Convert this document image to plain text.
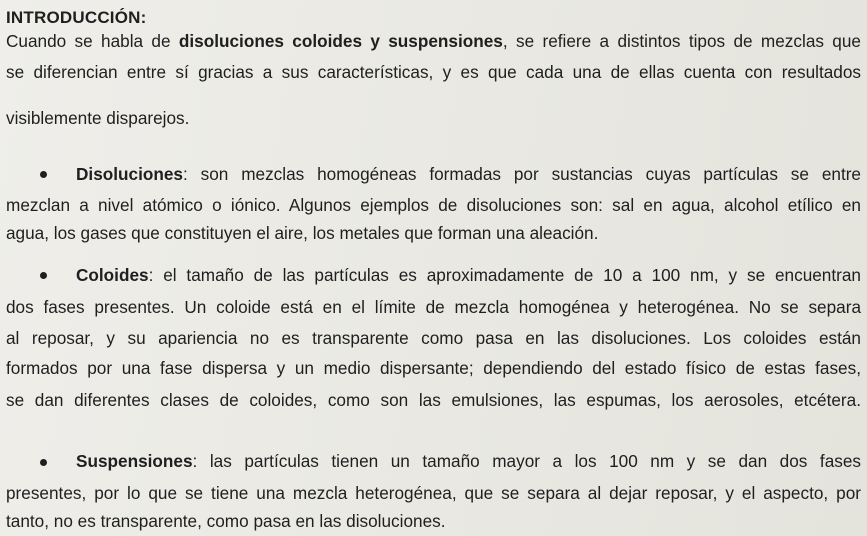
INTRODUCCIÓN:
Cuando se habla de disoluciones coloides y suspensiones, se refiere a distintos tipos de mezclas que
se diferencian entre sí gracias a sus características, y es que cada una de ellas cuenta con resultados
visiblemente disparejos.
Disoluciones: son mezclas homogéneas formadas por sustancias cuyas partículas se entre
mezclan a nivel atómico o iónico. Algunos ejemplos de disoluciones son: sal en agua, alcohol etílico en
agua, los gases que constituyen el aire, los metales que forman una aleación.
Coloides: el tamaño de las partículas es aproximadamente de 10 a 100 nm, y se encuentran
dos fases presentes. Un coloide está en el límite de mezcla homogénea y heterogénea. No se separa
al reposar, y su apariencia no es transparente como pasa en las disoluciones. Los coloides están
formados por una fase dispersa y un medio dispersante; dependiendo del estado físico de estas fases,
se dan diferentes clases de coloides, como son las emulsiones, las espumas, los aerosoles, etcétera.
Suspensiones: las partículas tienen un tamaño mayor a los 100 nm y se dan dos fases
presentes, por lo que se tiene una mezcla heterogénea, que se separa al dejar reposar, y el aspecto, por
tanto, no es transparente, como pasa en las disoluciones.
